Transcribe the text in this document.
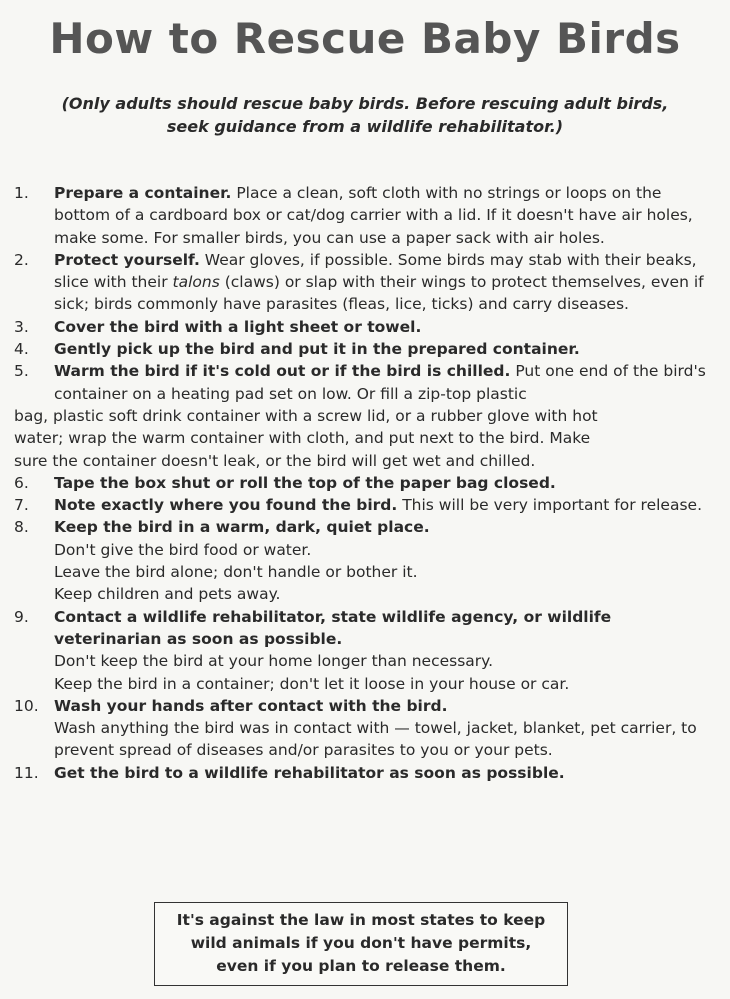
How to Rescue Baby Birds
(Only adults should rescue baby birds. Before rescuing adult birds,
seek guidance from a wildlife rehabilitator.)
1.	Prepare a container. Place a clean, soft cloth with no strings or loops on the bottom of a cardboard box or cat/dog carrier with a lid. If it doesn't have air holes, make some. For smaller birds, you can use a paper sack with air holes.
2.	Protect yourself. Wear gloves, if possible. Some birds may stab with their beaks, slice with their talons (claws) or slap with their wings to protect themselves, even if sick; birds commonly have parasites (fleas, lice, ticks) and carry diseases.
3.	Cover the bird with a light sheet or towel.
4.	Gently pick up the bird and put it in the prepared container.
5.	Warm the bird if it's cold out or if the bird is chilled. Put one end of the bird's container on a heating pad set on low. Or fill a zip-top plastic
bag, plastic soft drink container with a screw lid, or a rubber glove with hot
water; wrap the warm container with cloth, and put next to the bird. Make
sure the container doesn't leak, or the bird will get wet and chilled.
6.	Tape the box shut or roll the top of the paper bag closed.
7.	Note exactly where you found the bird. This will be very important for release.
8.	Keep the bird in a warm, dark, quiet place.
Don't give the bird food or water.
Leave the bird alone; don't handle or bother it.
Keep children and pets away.
9.	Contact a wildlife rehabilitator, state wildlife agency, or wildlife veterinarian as soon as possible.
Don't keep the bird at your home longer than necessary.
Keep the bird in a container; don't let it loose in your house or car.
10. Wash your hands after contact with the bird.
Wash anything the bird was in contact with — towel, jacket, blanket, pet carrier, to prevent spread of diseases and/or parasites to you or your pets.
11. Get the bird to a wildlife rehabilitator as soon as possible.
It's against the law in most states to keep
wild animals if you don't have permits,
even if you plan to release them.
